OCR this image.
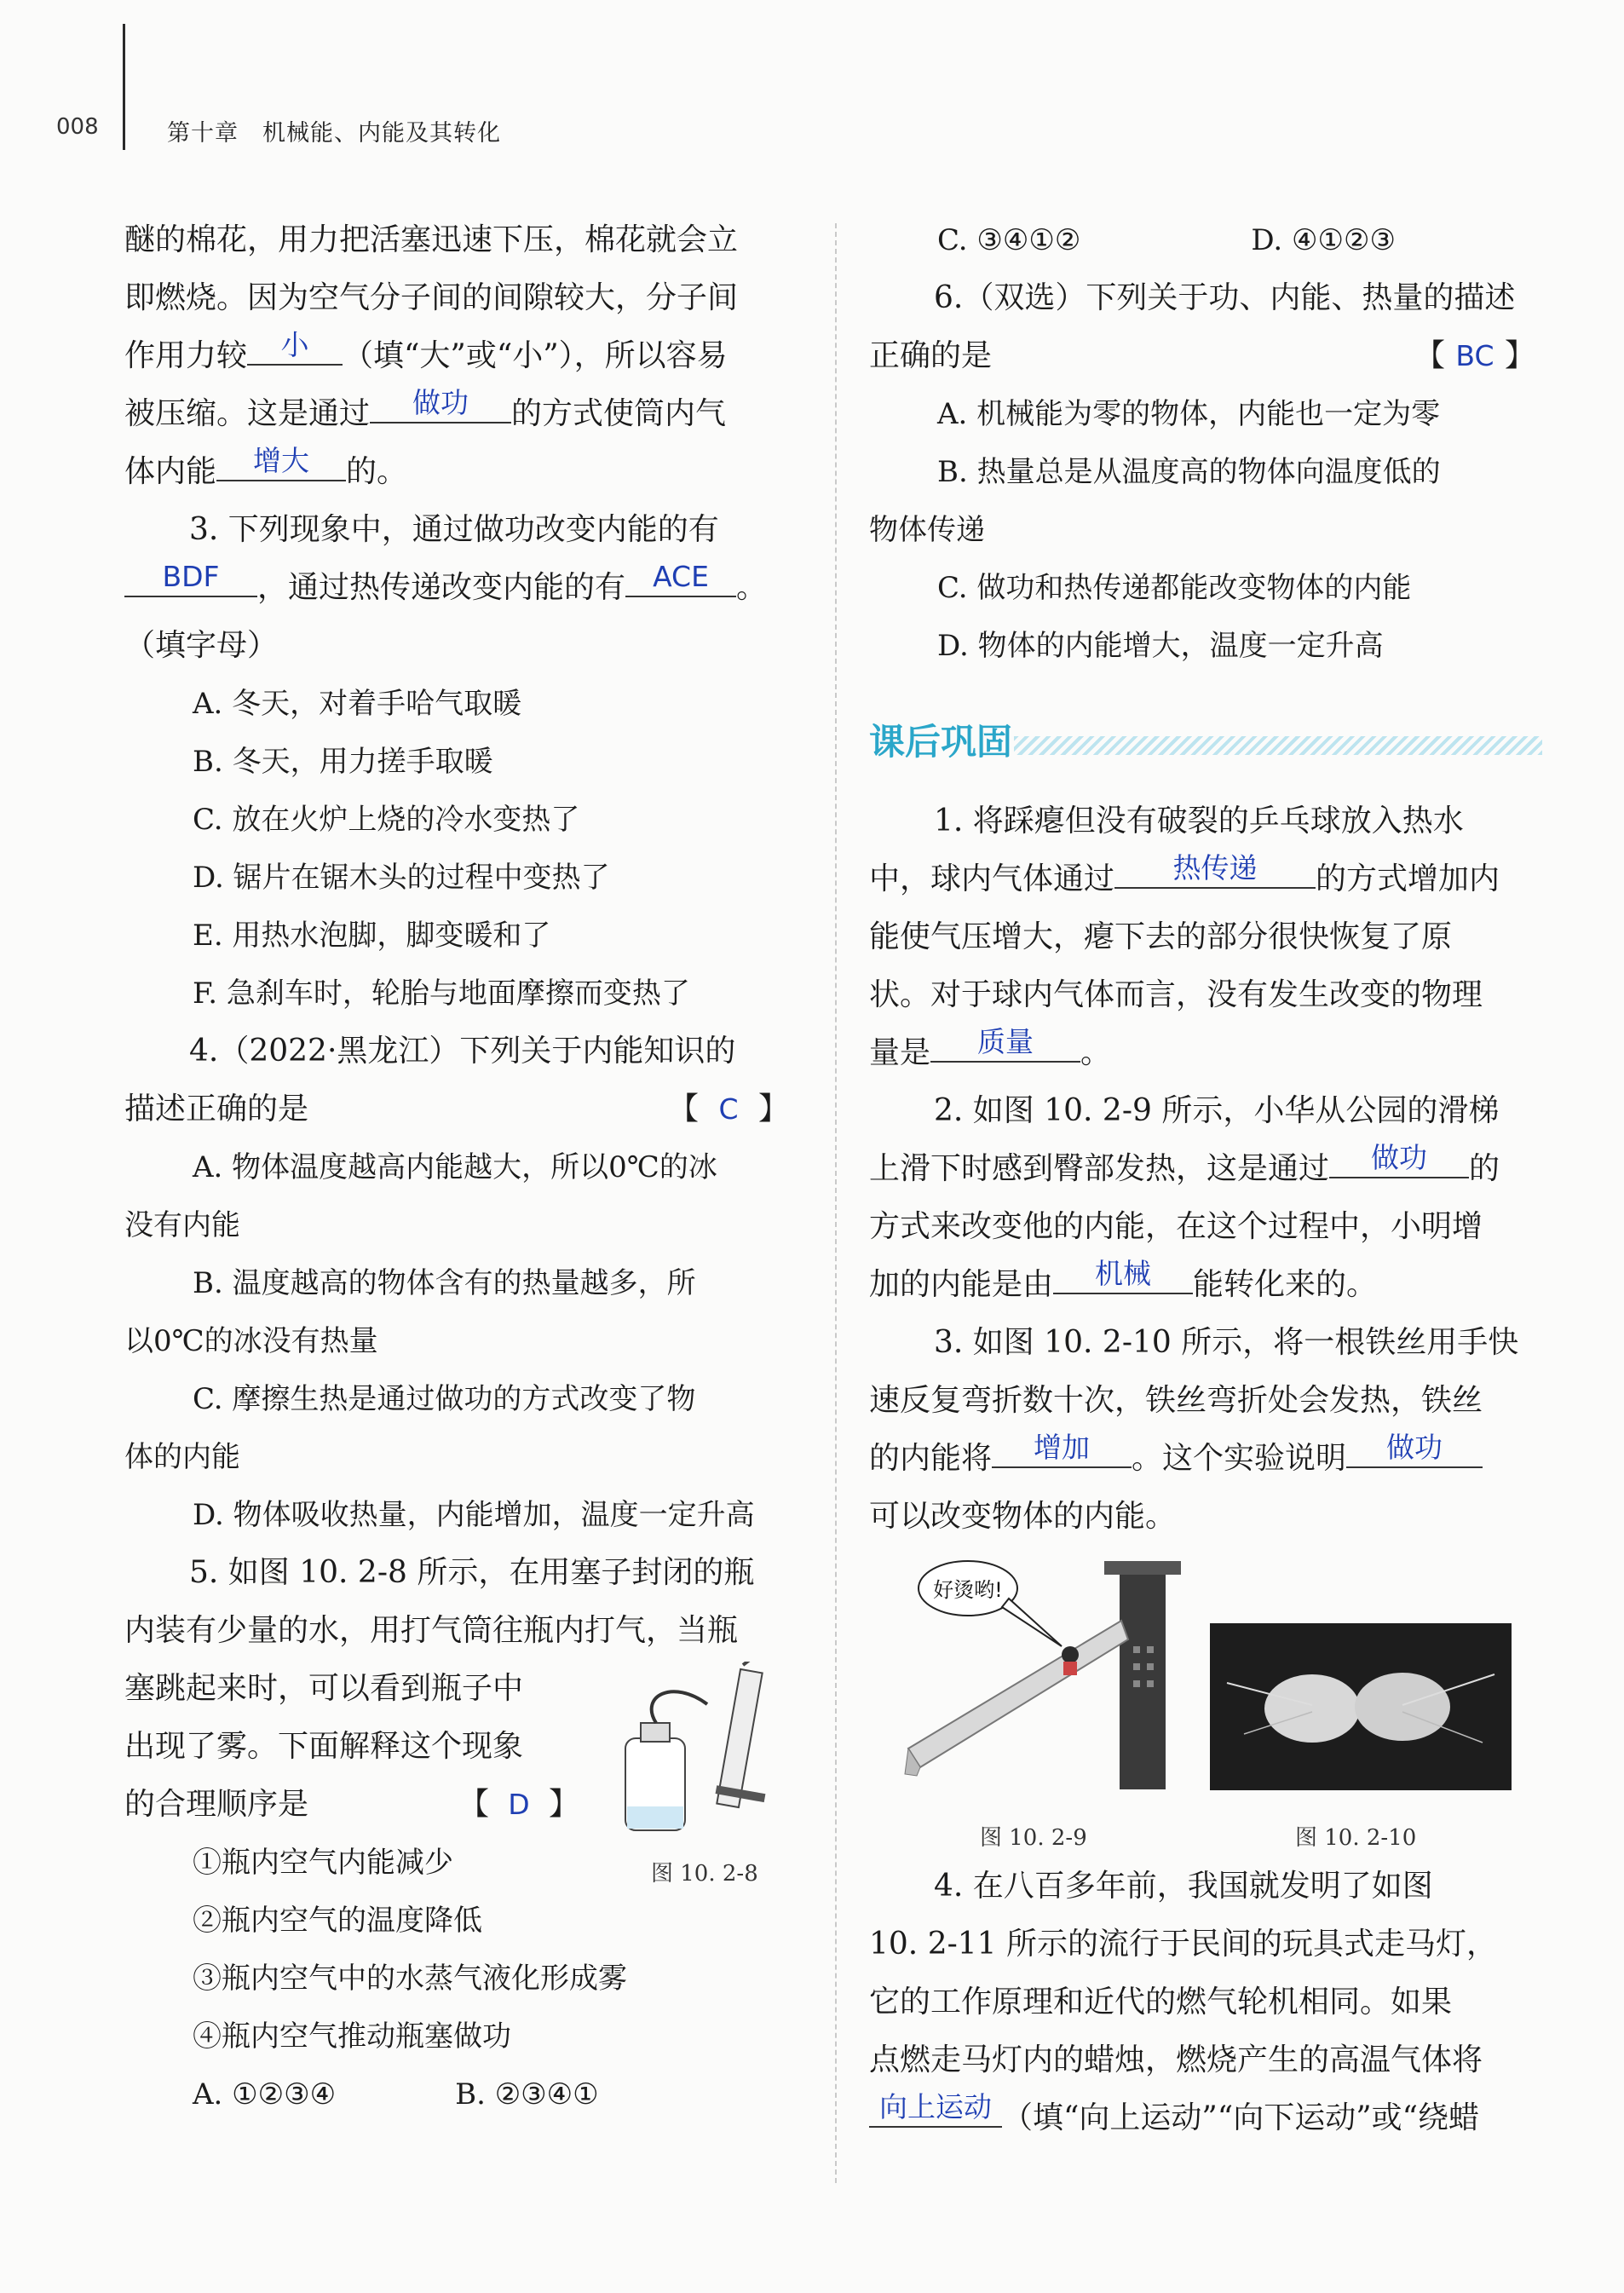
008	第十章　机械能、内能及其转化
醚的棉花，用力把活塞迅速下压，棉花就会立
即燃烧。因为空气分子间的间隙较大，分子间
作用力较	小	（填“大”或“小”），所以容易
被压缩。这是通过	做功	的方式使筒内气
体内能	增大	的。
3. 下列现象中，通过做功改变内能的有
BDF	，通过热传递改变内能的有 ACE 。
（填字母）
A. 冬天，对着手哈气取暖
B. 冬天，用力搓手取暖
C. 放在火炉上烧的冷水变热了
D. 锯片在锯木头的过程中变热了
E. 用热水泡脚，脚变暖和了
F. 急刹车时，轮胎与地面摩擦而变热了
4.（2022·黑龙江）下列关于内能知识的
描述正确的是	【 C 】
A. 物体温度越高内能越大，所以0℃的冰
没有内能
B. 温度越高的物体含有的热量越多，所
以0℃的冰没有热量
C. 摩擦生热是通过做功的方式改变了物
体的内能
D. 物体吸收热量，内能增加，温度一定升高
5. 如图 10. 2-8 所示，在用塞子封闭的瓶
内装有少量的水，用打气筒往瓶内打气，当瓶
塞跳起来时，可以看到瓶子中
出现了雾。下面解释这个现象
的合理顺序是	【 D 】
①瓶内空气内能减少
②瓶内空气的温度降低
③瓶内空气中的水蒸气液化形成雾
④瓶内空气推动瓶塞做功
A. ①②③④	B. ②③④①
图 10. 2-8
C. ③④①②	D. ④①②③
6.（双选）下列关于功、内能、热量的描述
正确的是	【 BC 】
A. 机械能为零的物体，内能也一定为零
B. 热量总是从温度高的物体向温度低的
物体传递
C. 做功和热传递都能改变物体的内能
D. 物体的内能增大，温度一定升高
课后巩固
1. 将踩瘪但没有破裂的乒乓球放入热水
中，球内气体通过	热传递	的方式增加内
能使气压增大，瘪下去的部分很快恢复了原
状。对于球内气体而言，没有发生改变的物理
量是	质量	。
2. 如图 10. 2-9 所示，小华从公园的滑梯
上滑下时感到臀部发热，这是通过	做功	的
方式来改变他的内能，在这个过程中，小明增
加的内能是由	机械	能转化来的。
3. 如图 10. 2-10 所示，将一根铁丝用手快
速反复弯折数十次，铁丝弯折处会发热，铁丝
的内能将	增加	。这个实验说明	做功
可以改变物体的内能。
好烫哟!
图 10. 2-9	图 10. 2-10
4. 在八百多年前，我国就发明了如图
10. 2-11 所示的流行于民间的玩具式走马灯，
它的工作原理和近代的燃气轮机相同。如果
点燃走马灯内的蜡烛，燃烧产生的高温气体将
向上运动 （填“向上运动”“向下运动”或“绕蜡
